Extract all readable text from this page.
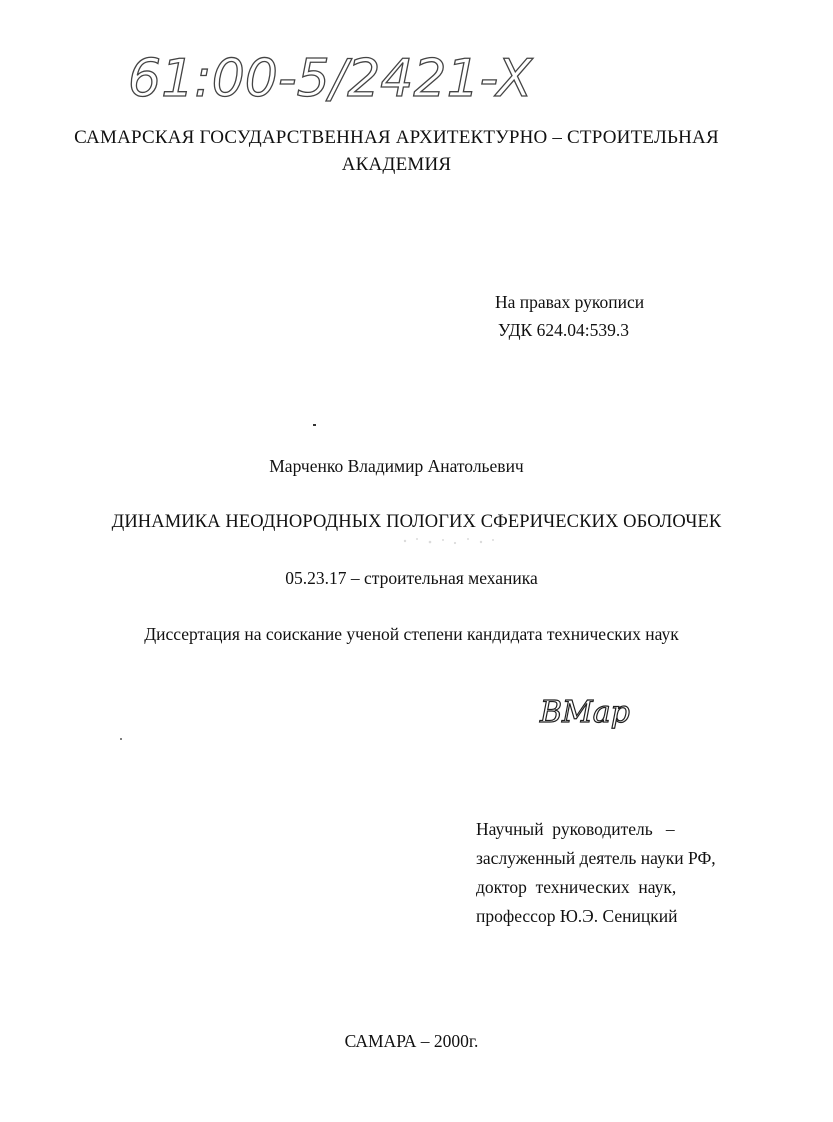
61:00-5/2421-X
САМАРСКАЯ ГОСУДАРСТВЕННАЯ АРХИТЕКТУРНО – СТРОИТЕЛЬНАЯ
АКАДЕМИЯ
На правах рукописи
УДК 624.04:539.3
Марченко Владимир Анатольевич
ДИНАМИКА НЕОДНОРОДНЫХ ПОЛОГИХ СФЕРИЧЕСКИХ ОБОЛОЧЕК
05.23.17 – строительная механика
Диссертация на соискание ученой степени кандидата технических наук
ВМар
Научный  руководитель   –
заслуженный деятель науки РФ,
доктор  технических  наук,
профессор Ю.Э. Сеницкий
САМАРА – 2000г.
